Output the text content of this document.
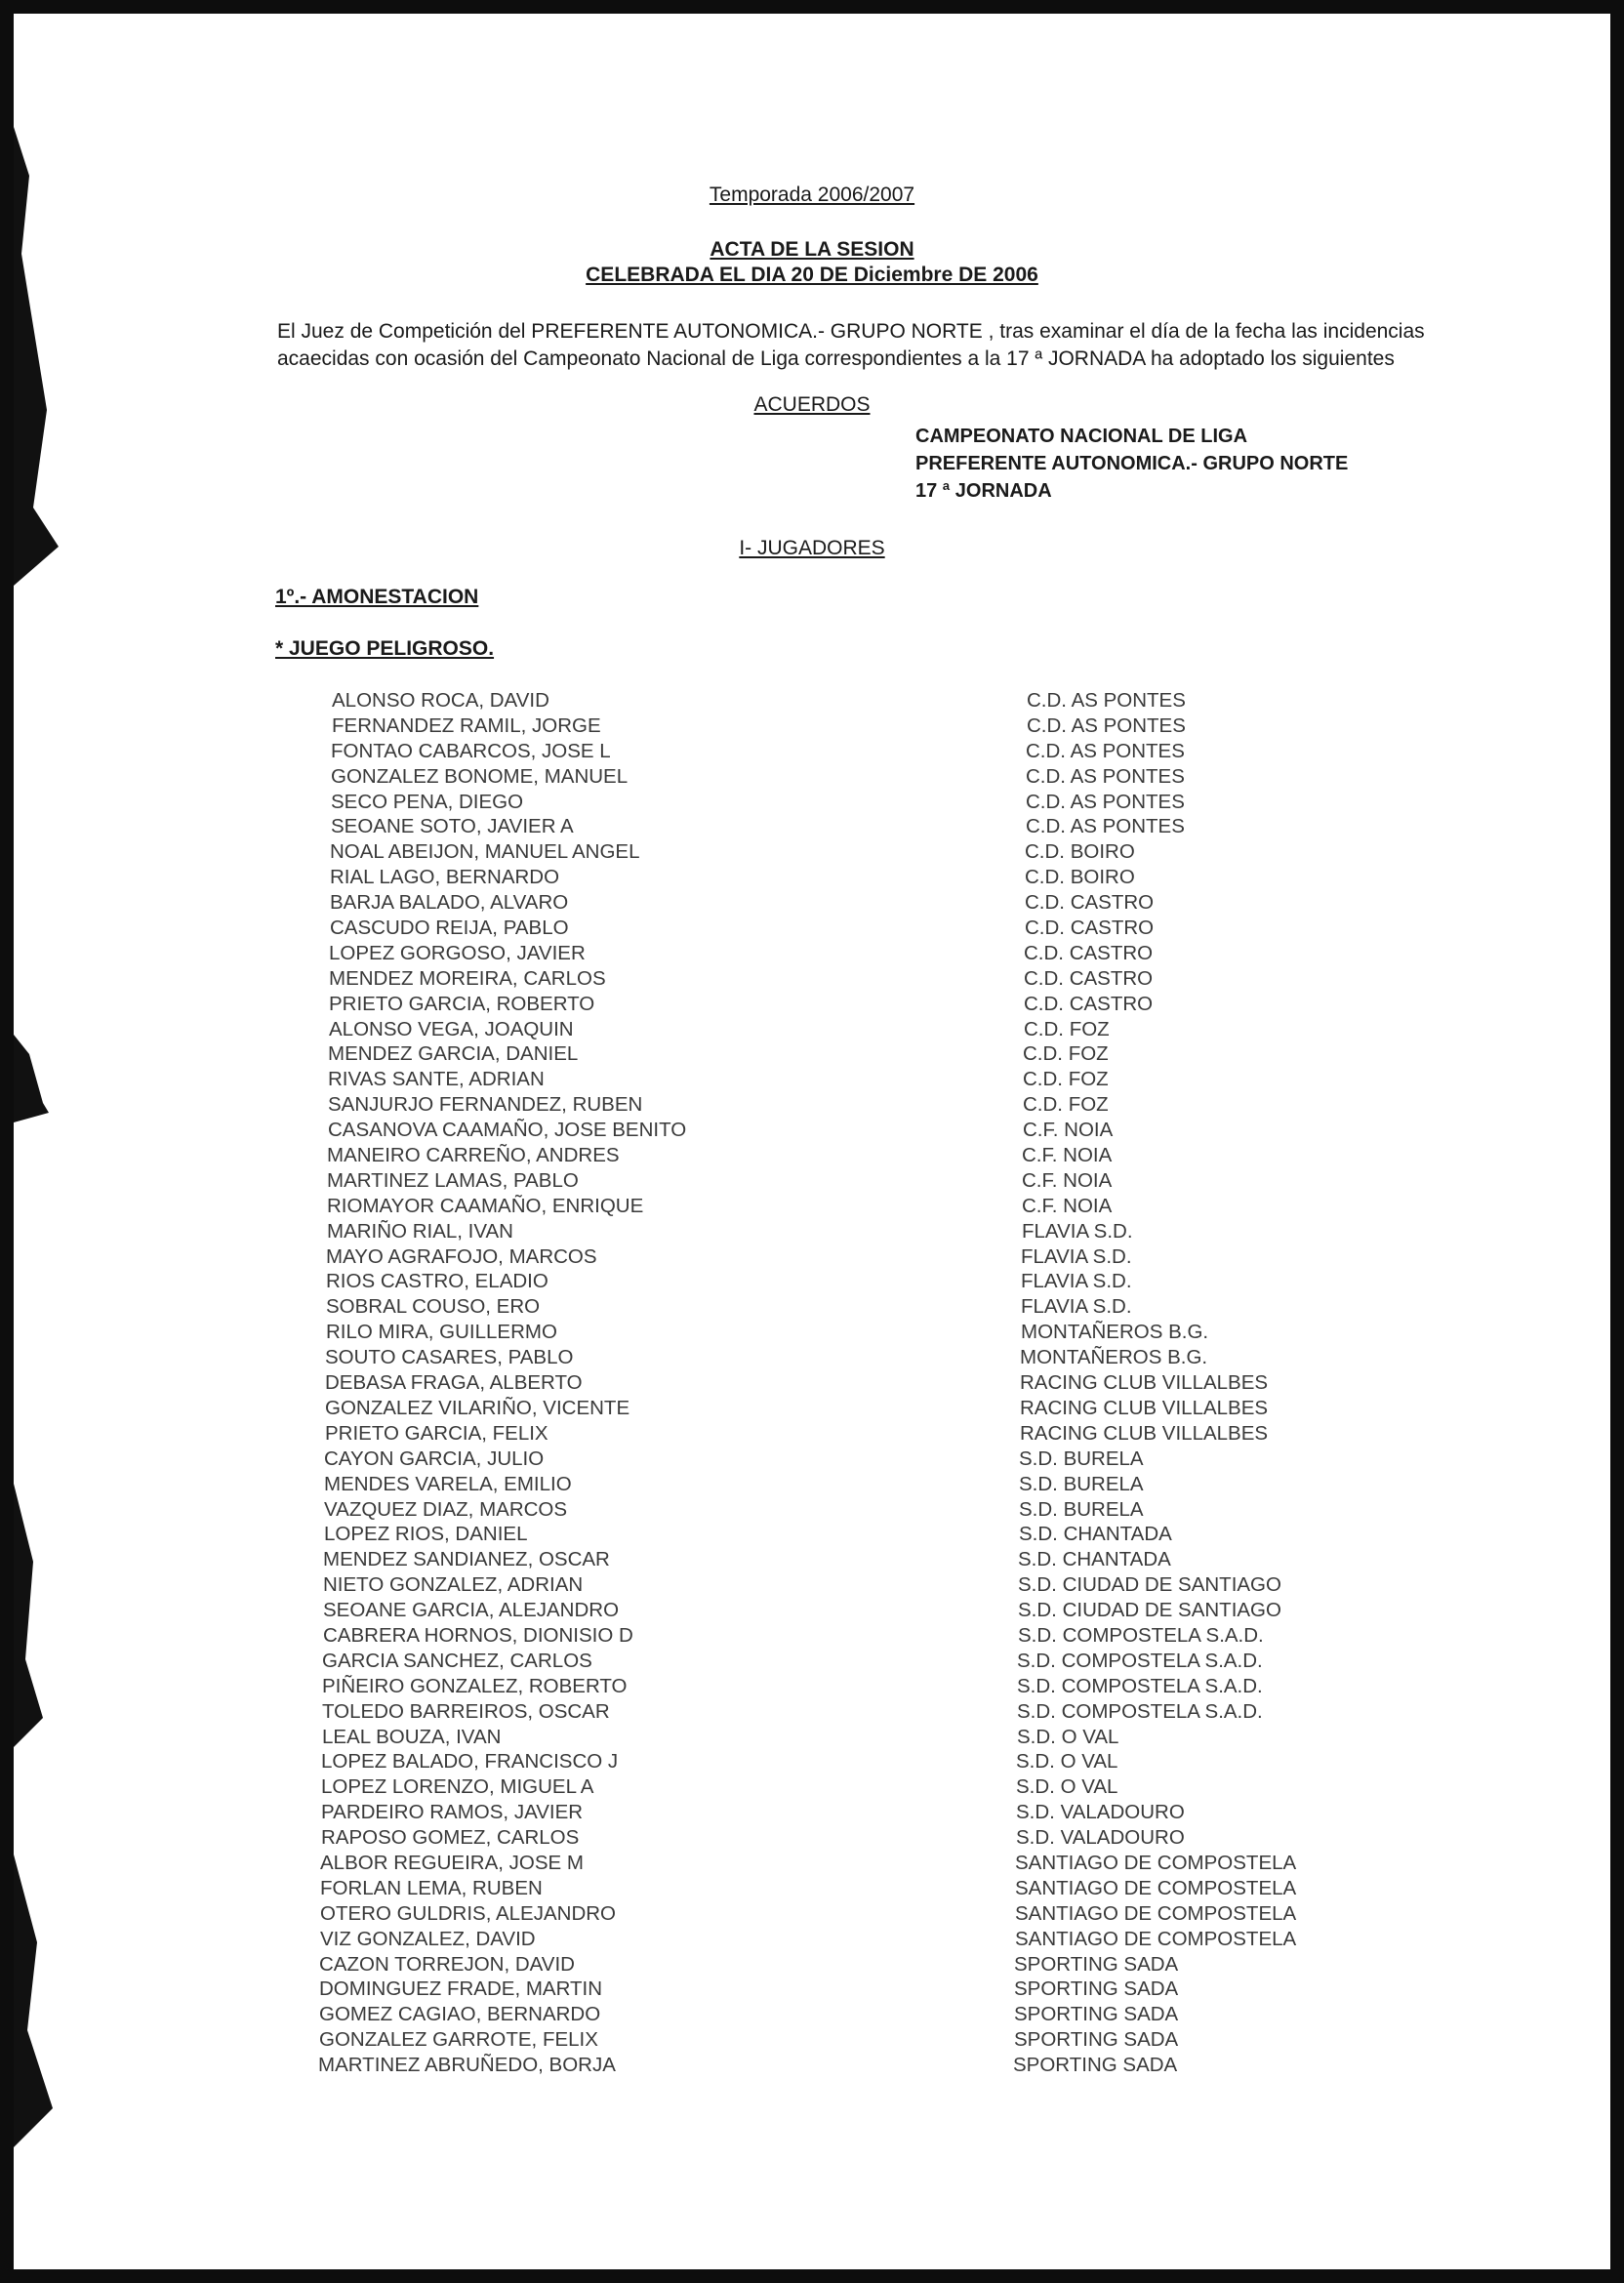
Temporada 2006/2007
ACTA DE LA SESION
CELEBRADA EL DIA 20 DE Diciembre DE 2006

El Juez de Competición del PREFERENTE AUTONOMICA.- GRUPO NORTE , tras examinar el día de la fecha las incidencias

acaecidas con ocasión del Campeonato Nacional de Liga correspondientes a la 17 ª JORNADA ha adoptado los siguientes

ACUERDOS
CAMPEONATO NACIONAL DE LIGA
PREFERENTE AUTONOMICA.- GRUPO NORTE
17 ª JORNADA
I- JUGADORES
1º.- AMONESTACION
* JUEGO PELIGROSO.
ALONSO ROCA, DAVID	C.D. AS PONTES
FERNANDEZ RAMIL, JORGE	C.D. AS PONTES
FONTAO CABARCOS, JOSE L	C.D. AS PONTES
GONZALEZ BONOME, MANUEL	C.D. AS PONTES
SECO PENA, DIEGO	C.D. AS PONTES
SEOANE SOTO, JAVIER A	C.D. AS PONTES
NOAL ABEIJON, MANUEL ANGEL	C.D. BOIRO
RIAL LAGO, BERNARDO	C.D. BOIRO
BARJA BALADO, ALVARO	C.D. CASTRO
CASCUDO REIJA, PABLO	C.D. CASTRO
LOPEZ GORGOSO, JAVIER	C.D. CASTRO
MENDEZ MOREIRA, CARLOS	C.D. CASTRO
PRIETO GARCIA, ROBERTO	C.D. CASTRO
ALONSO VEGA, JOAQUIN	C.D. FOZ
MENDEZ GARCIA, DANIEL	C.D. FOZ
RIVAS SANTE, ADRIAN	C.D. FOZ
SANJURJO FERNANDEZ, RUBEN	C.D. FOZ
CASANOVA CAAMAÑO, JOSE BENITO	C.F. NOIA
MANEIRO CARREÑO, ANDRES	C.F. NOIA
MARTINEZ LAMAS, PABLO	C.F. NOIA
RIOMAYOR CAAMAÑO, ENRIQUE	C.F. NOIA
MARIÑO RIAL, IVAN	FLAVIA S.D.
MAYO AGRAFOJO, MARCOS	FLAVIA S.D.
RIOS CASTRO, ELADIO	FLAVIA S.D.
SOBRAL COUSO, ERO	FLAVIA S.D.
RILO MIRA, GUILLERMO	MONTAÑEROS B.G.
SOUTO CASARES, PABLO	MONTAÑEROS B.G.
DEBASA FRAGA, ALBERTO	RACING CLUB VILLALBES
GONZALEZ VILARIÑO, VICENTE	RACING CLUB VILLALBES
PRIETO GARCIA, FELIX	RACING CLUB VILLALBES
CAYON GARCIA, JULIO	S.D. BURELA
MENDES VARELA, EMILIO	S.D. BURELA
VAZQUEZ DIAZ, MARCOS	S.D. BURELA
LOPEZ RIOS, DANIEL	S.D. CHANTADA
MENDEZ SANDIANEZ, OSCAR	S.D. CHANTADA
NIETO GONZALEZ, ADRIAN	S.D. CIUDAD DE SANTIAGO
SEOANE GARCIA, ALEJANDRO	S.D. CIUDAD DE SANTIAGO
CABRERA HORNOS, DIONISIO D	S.D. COMPOSTELA S.A.D.
GARCIA SANCHEZ, CARLOS	S.D. COMPOSTELA S.A.D.
PIÑEIRO GONZALEZ, ROBERTO	S.D. COMPOSTELA S.A.D.
TOLEDO BARREIROS, OSCAR	S.D. COMPOSTELA S.A.D.
LEAL BOUZA, IVAN	S.D. O VAL
LOPEZ BALADO, FRANCISCO J	S.D. O VAL
LOPEZ LORENZO, MIGUEL A	S.D. O VAL
PARDEIRO RAMOS, JAVIER	S.D. VALADOURO
RAPOSO GOMEZ, CARLOS	S.D. VALADOURO
ALBOR REGUEIRA, JOSE M	SANTIAGO DE COMPOSTELA
FORLAN LEMA, RUBEN	SANTIAGO DE COMPOSTELA
OTERO GULDRIS, ALEJANDRO	SANTIAGO DE COMPOSTELA
VIZ GONZALEZ, DAVID	SANTIAGO DE COMPOSTELA
CAZON TORREJON, DAVID	SPORTING SADA
DOMINGUEZ FRADE, MARTIN	SPORTING SADA
GOMEZ CAGIAO, BERNARDO	SPORTING SADA
GONZALEZ GARROTE, FELIX	SPORTING SADA
MARTINEZ ABRUÑEDO, BORJA	SPORTING SADA
